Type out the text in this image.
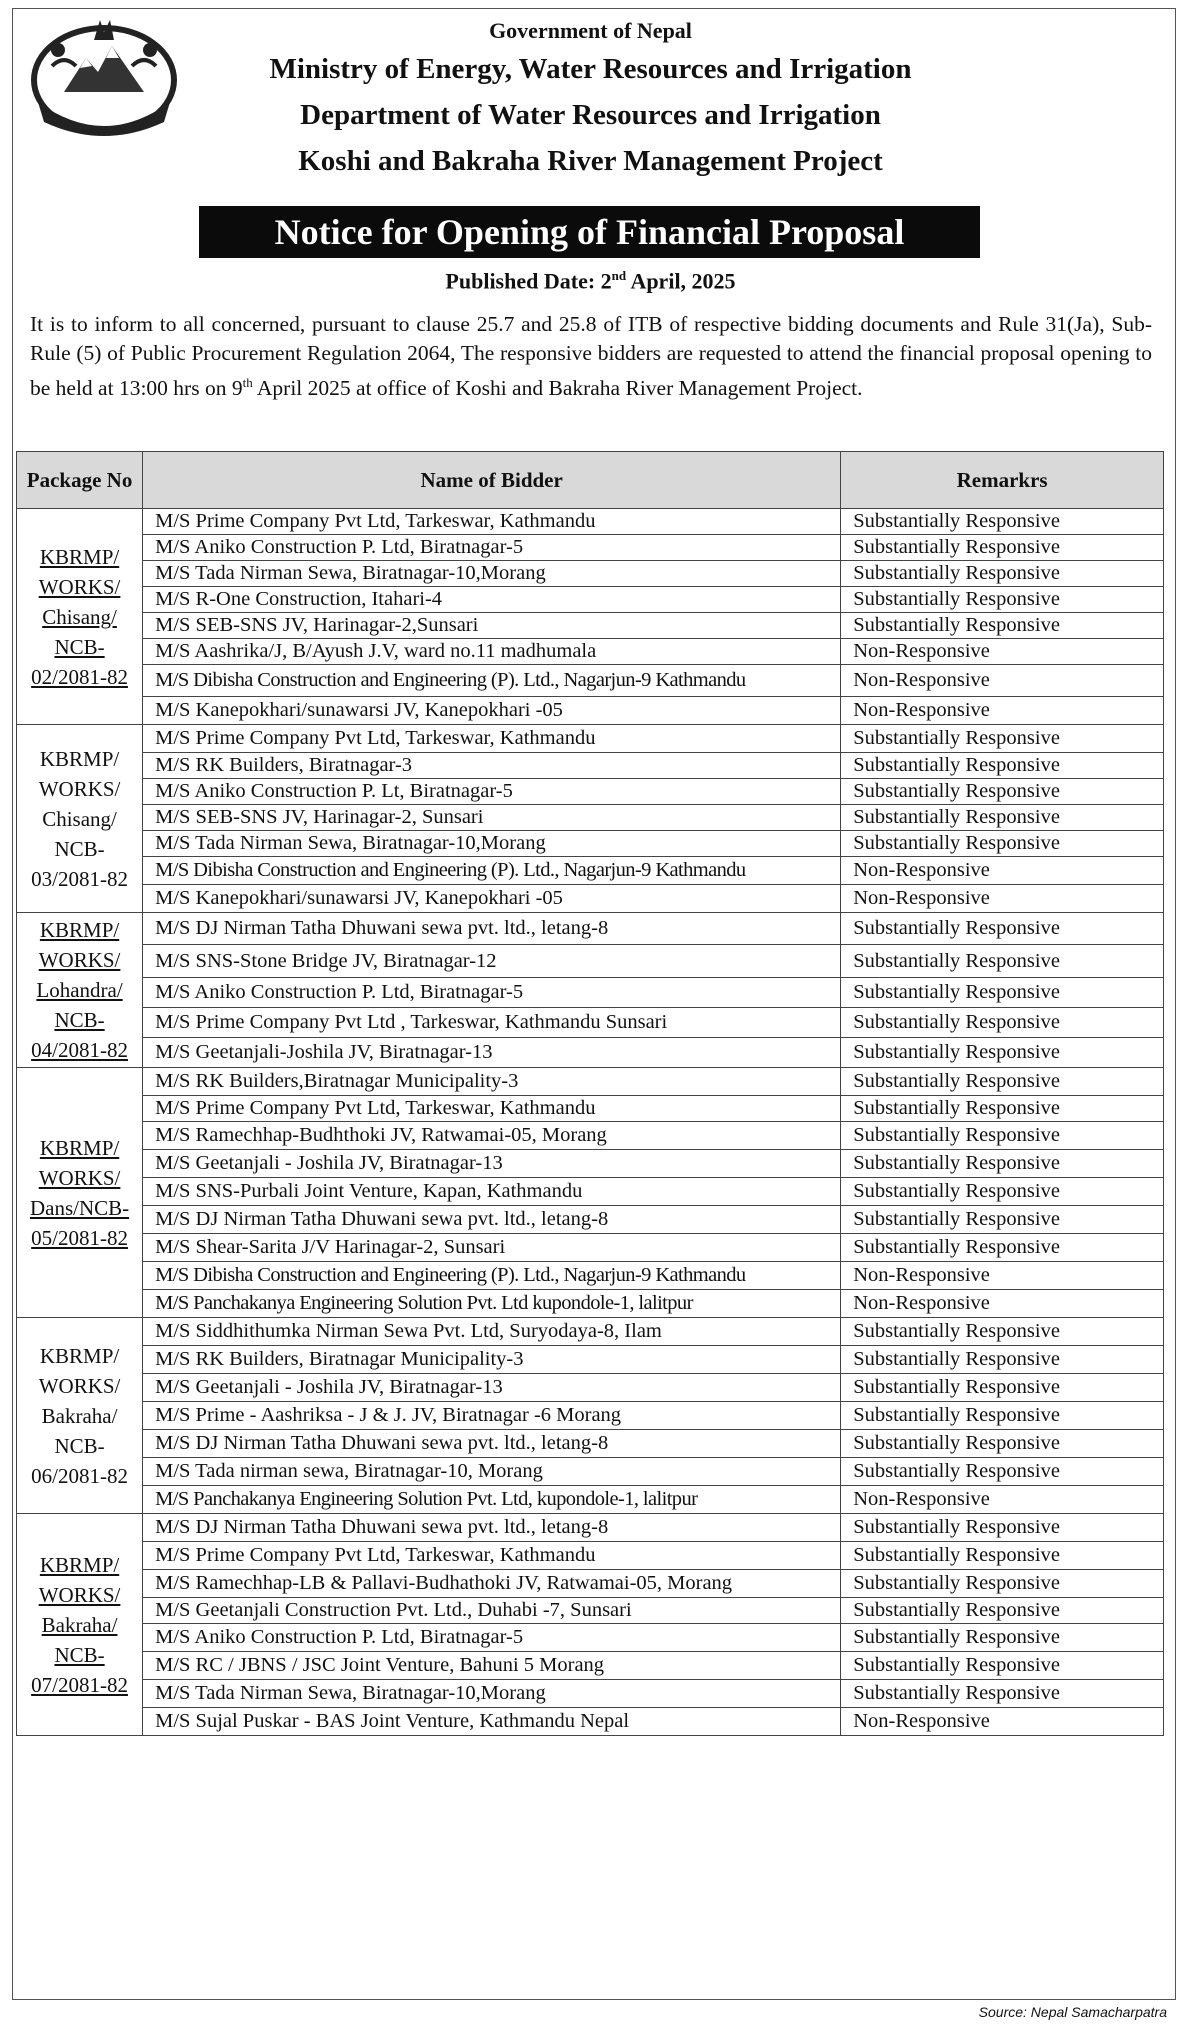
Government of Nepal
Ministry of Energy, Water Resources and Irrigation
Department of Water Resources and Irrigation
Koshi and Bakraha River Management Project
Notice for Opening of Financial Proposal
Published Date: 2nd April, 2025
It is to inform to all concerned, pursuant to clause 25.7 and 25.8 of ITB of respective bidding documents and Rule 31(Ja), Sub-Rule (5) of Public Procurement Regulation 2064, The responsive bidders are requested to attend the financial proposal opening to be held at 13:00 hrs on 9th April 2025 at office of Koshi and Bakraha River Management Project.
Package No	Name of Bidder	Remarkrs

KBRMP/
WORKS/
Chisang/
NCB-
02/2081-82	M/S Prime Company Pvt Ltd, Tarkeswar, Kathmandu	Substantially Responsive
	M/S Aniko Construction P. Ltd, Biratnagar-5	Substantially Responsive
	M/S Tada Nirman Sewa, Biratnagar-10,Morang	Substantially Responsive
	M/S R-One Construction, Itahari-4	Substantially Responsive
	M/S SEB-SNS JV, Harinagar-2,Sunsari	Substantially Responsive
	M/S Aashrika/J, B/Ayush J.V, ward no.11 madhumala	Non-Responsive
	M/S Dibisha Construction and Engineering (P). Ltd., Nagarjun-9 Kathmandu	Non-Responsive
	M/S Kanepokhari/sunawarsi JV, Kanepokhari -05	Non-Responsive

KBRMP/
WORKS/
Chisang/
NCB-
03/2081-82	M/S Prime Company Pvt Ltd, Tarkeswar, Kathmandu	Substantially Responsive
	M/S RK Builders, Biratnagar-3	Substantially Responsive
	M/S Aniko Construction P. Lt, Biratnagar-5	Substantially Responsive
	M/S SEB-SNS JV, Harinagar-2, Sunsari	Substantially Responsive
	M/S Tada Nirman Sewa, Biratnagar-10,Morang	Substantially Responsive
	M/S Dibisha Construction and Engineering (P). Ltd., Nagarjun-9 Kathmandu	Non-Responsive
	M/S Kanepokhari/sunawarsi JV, Kanepokhari -05	Non-Responsive

KBRMP/
WORKS/
Lohandra/
NCB-
04/2081-82	M/S DJ Nirman Tatha Dhuwani sewa pvt. ltd., letang-8	Substantially Responsive
	M/S SNS-Stone Bridge JV, Biratnagar-12	Substantially Responsive
	M/S Aniko Construction P. Ltd, Biratnagar-5	Substantially Responsive
	M/S Prime Company Pvt Ltd , Tarkeswar, Kathmandu Sunsari	Substantially Responsive
	M/S Geetanjali-Joshila JV, Biratnagar-13	Substantially Responsive

KBRMP/
WORKS/
Dans/NCB-
05/2081-82	M/S RK Builders,Biratnagar Municipality-3	Substantially Responsive
	M/S Prime Company Pvt Ltd, Tarkeswar, Kathmandu	Substantially Responsive
	M/S Ramechhap-Budhthoki JV, Ratwamai-05, Morang	Substantially Responsive
	M/S Geetanjali - Joshila JV, Biratnagar-13	Substantially Responsive
	M/S SNS-Purbali Joint Venture, Kapan, Kathmandu	Substantially Responsive
	M/S DJ Nirman Tatha Dhuwani sewa pvt. ltd., letang-8	Substantially Responsive
	M/S Shear-Sarita J/V Harinagar-2, Sunsari	Substantially Responsive
	M/S Dibisha Construction and Engineering (P). Ltd., Nagarjun-9 Kathmandu	Non-Responsive
	M/S Panchakanya Engineering Solution Pvt. Ltd kupondole-1, lalitpur	Non-Responsive

KBRMP/
WORKS/
Bakraha/
NCB-
06/2081-82	M/S Siddhithumka Nirman Sewa Pvt. Ltd, Suryodaya-8, Ilam	Substantially Responsive
	M/S RK Builders, Biratnagar Municipality-3	Substantially Responsive
	M/S Geetanjali - Joshila JV, Biratnagar-13	Substantially Responsive
	M/S Prime - Aashriksa - J & J. JV, Biratnagar -6 Morang	Substantially Responsive
	M/S DJ Nirman Tatha Dhuwani sewa pvt. ltd., letang-8	Substantially Responsive
	M/S Tada nirman sewa, Biratnagar-10, Morang	Substantially Responsive
	M/S Panchakanya Engineering Solution Pvt. Ltd, kupondole-1, lalitpur	Non-Responsive

KBRMP/
WORKS/
Bakraha/
NCB-
07/2081-82	M/S DJ Nirman Tatha Dhuwani sewa pvt. ltd., letang-8	Substantially Responsive
	M/S Prime Company Pvt Ltd, Tarkeswar, Kathmandu	Substantially Responsive
	M/S Ramechhap-LB & Pallavi-Budhathoki JV, Ratwamai-05, Morang	Substantially Responsive
	M/S Geetanjali Construction Pvt. Ltd., Duhabi -7, Sunsari	Substantially Responsive
	M/S Aniko Construction P. Ltd, Biratnagar-5	Substantially Responsive
	M/S RC / JBNS / JSC Joint Venture, Bahuni 5 Morang	Substantially Responsive
	M/S Tada Nirman Sewa, Biratnagar-10,Morang	Substantially Responsive
	M/S Sujal Puskar - BAS Joint Venture, Kathmandu Nepal	Non-Responsive
Source: Nepal Samacharpatra
